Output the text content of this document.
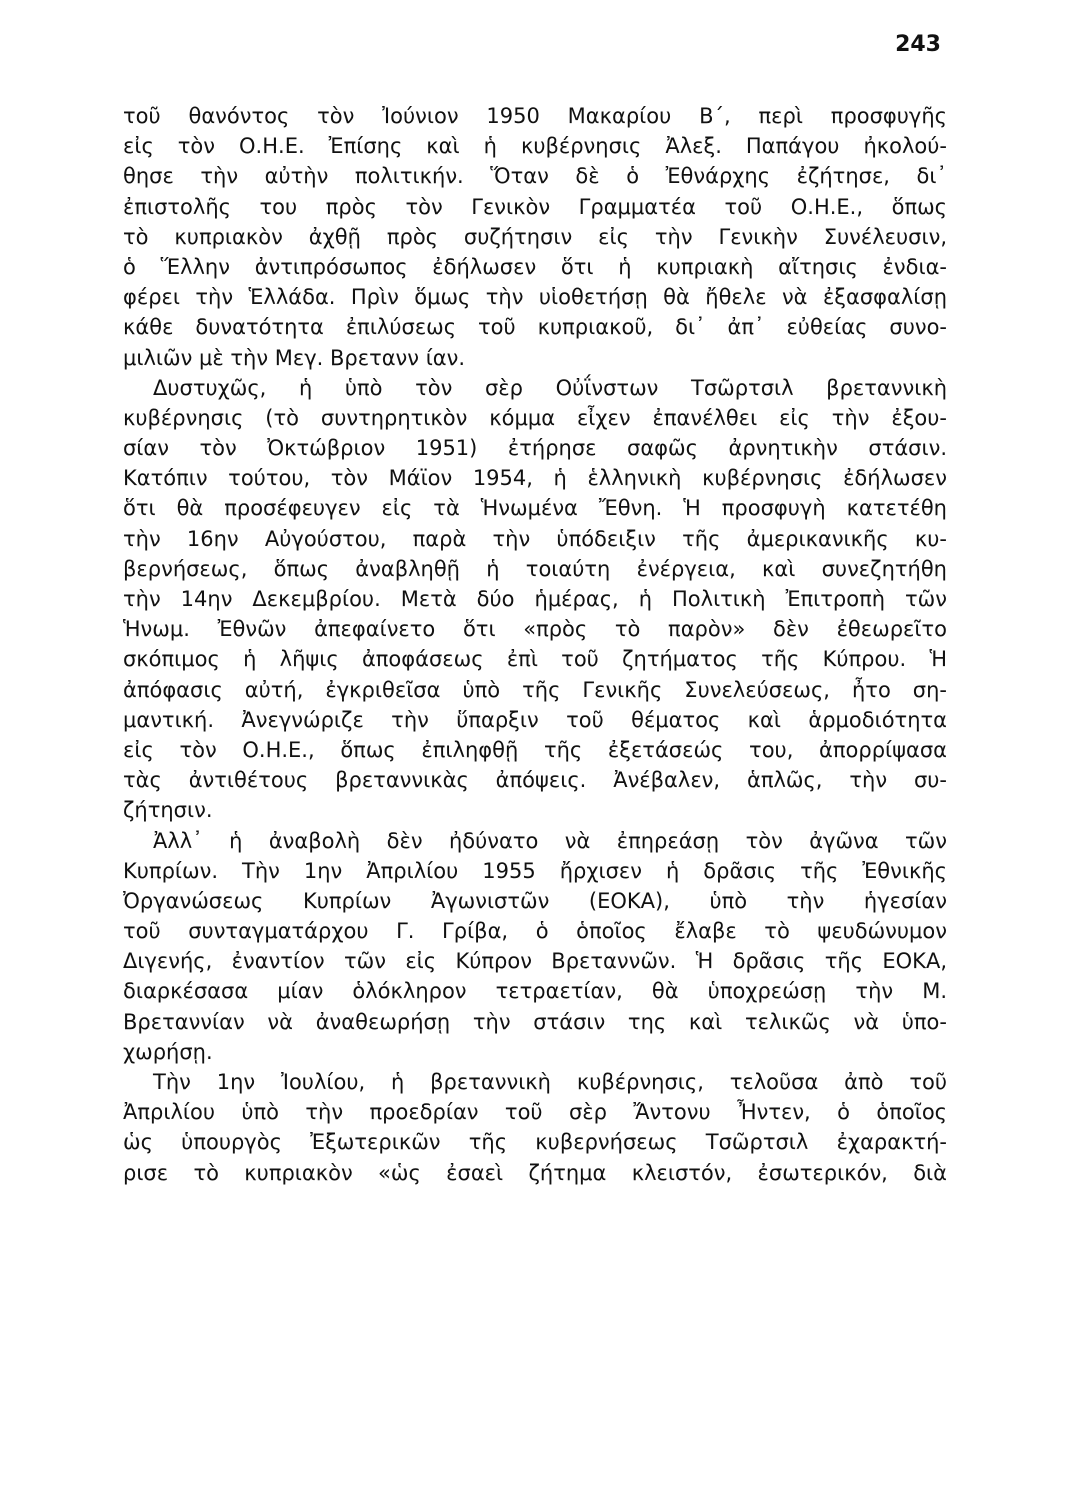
243
τοῦ θανόντος τὸν Ἰούνιον 1950 Μακαρίου Β΄, περὶ προσφυγῆς
εἰς τὸν Ο.Η.Ε. Ἐπίσης καὶ ἡ κυβέρνησις Ἀλεξ. Παπάγου ἠκολού-
θησε τὴν αὐτὴν πολιτικήν. Ὅταν δὲ ὁ Ἐθνάρχης ἐζήτησε, δι᾿
ἐπιστολῆς του πρὸς τὸν Γενικὸν Γραμματέα τοῦ Ο.Η.Ε., ὅπως
τὸ κυπριακὸν ἀχθῇ πρὸς συζήτησιν εἰς τὴν Γενικὴν Συνέλευσιν,
ὁ Ἕλλην ἀντιπρόσωπος ἐδήλωσεν ὅτι ἡ κυπριακὴ αἴτησις ἐνδια-
φέρει τὴν Ἑλλάδα. Πρὶν ὅμως τὴν υἱοθετήσῃ θὰ ἤθελε νὰ ἐξασφαλίσῃ
κάθε δυνατότητα ἐπιλύσεως τοῦ κυπριακοῦ, δι᾿ ἀπ᾿ εὐθείας συνο-
μιλιῶν μὲ τὴν Μεγ. Βρετανν ίαν.
Δυστυχῶς, ἡ ὑπὸ τὸν σὲρ Οὐΐνστων Τσῶρτσιλ βρεταννικὴ
κυβέρνησις (τὸ συντηρητικὸν κόμμα εἶχεν ἐπανέλθει εἰς τὴν ἐξου-
σίαν τὸν Ὀκτώβριον 1951) ἐτήρησε σαφῶς ἀρνητικὴν στάσιν.
Κατόπιν τούτου, τὸν Μάϊον 1954, ἡ ἑλληνικὴ κυβέρνησις ἐδήλωσεν
ὅτι θὰ προσέφευγεν εἰς τὰ Ἡνωμένα Ἔθνη. Ἡ προσφυγὴ κατετέθη
τὴν 16ην Αὐγούστου, παρὰ τὴν ὑπόδειξιν τῆς ἀμερικανικῆς κυ-
βερνήσεως, ὅπως ἀναβληθῇ ἡ τοιαύτη ἐνέργεια, καὶ συνεζητήθη
τὴν 14ην Δεκεμβρίου. Μετὰ δύο ἡμέρας, ἡ Πολιτικὴ Ἐπιτροπὴ τῶν
Ἡνωμ. Ἐθνῶν ἀπεφαίνετο ὅτι «πρὸς τὸ παρὸν» δὲν ἐθεωρεῖτο
σκόπιμος ἡ λῆψις ἀποφάσεως ἐπὶ τοῦ ζητήματος τῆς Κύπρου. Ἡ
ἀπόφασις αὐτή, ἐγκριθεῖσα ὑπὸ τῆς Γενικῆς Συνελεύσεως, ἦτο ση-
μαντική. Ἀνεγνώριζε τὴν ὕπαρξιν τοῦ θέματος καὶ ἁρμοδιότητα
εἰς τὸν Ο.Η.Ε., ὅπως ἐπιληφθῇ τῆς ἐξετάσεώς του, ἀπορρίψασα
τὰς ἀντιθέτους βρεταννικὰς ἀπόψεις. Ἀνέβαλεν, ἁπλῶς, τὴν συ-
ζήτησιν.
Ἀλλ᾿ ἡ ἀναβολὴ δὲν ἠδύνατο νὰ ἐπηρεάσῃ τὸν ἀγῶνα τῶν
Κυπρίων. Τὴν 1ην Ἀπριλίου 1955 ἤρχισεν ἡ δρᾶσις τῆς Ἐθνικῆς
Ὀργανώσεως Κυπρίων Ἀγωνιστῶν (ΕΟΚΑ), ὑπὸ τὴν ἡγεσίαν
τοῦ συνταγματάρχου Γ. Γρίβα, ὁ ὁποῖος ἔλαβε τὸ ψευδώνυμον
Διγενής, ἐναντίον τῶν εἰς Κύπρον Βρεταννῶν. Ἡ δρᾶσις τῆς ΕΟΚΑ,
διαρκέσασα μίαν ὁλόκληρον τετραετίαν, θὰ ὑποχρεώσῃ τὴν Μ.
Βρεταννίαν νὰ ἀναθεωρήσῃ τὴν στάσιν της καὶ τελικῶς νὰ ὑπο-
χωρήσῃ.
Τὴν 1ην Ἰουλίου, ἡ βρεταννικὴ κυβέρνησις, τελοῦσα ἀπὸ τοῦ
Ἀπριλίου ὑπὸ τὴν προεδρίαν τοῦ σὲρ Ἄντονυ Ἦντεν, ὁ ὁποῖος
ὡς ὑπουργὸς Ἐξωτερικῶν τῆς κυβερνήσεως Τσῶρτσιλ ἐχαρακτή-
ρισε τὸ κυπριακὸν «ὡς ἐσαεὶ ζήτημα κλειστόν, ἐσωτερικόν, διὰ
